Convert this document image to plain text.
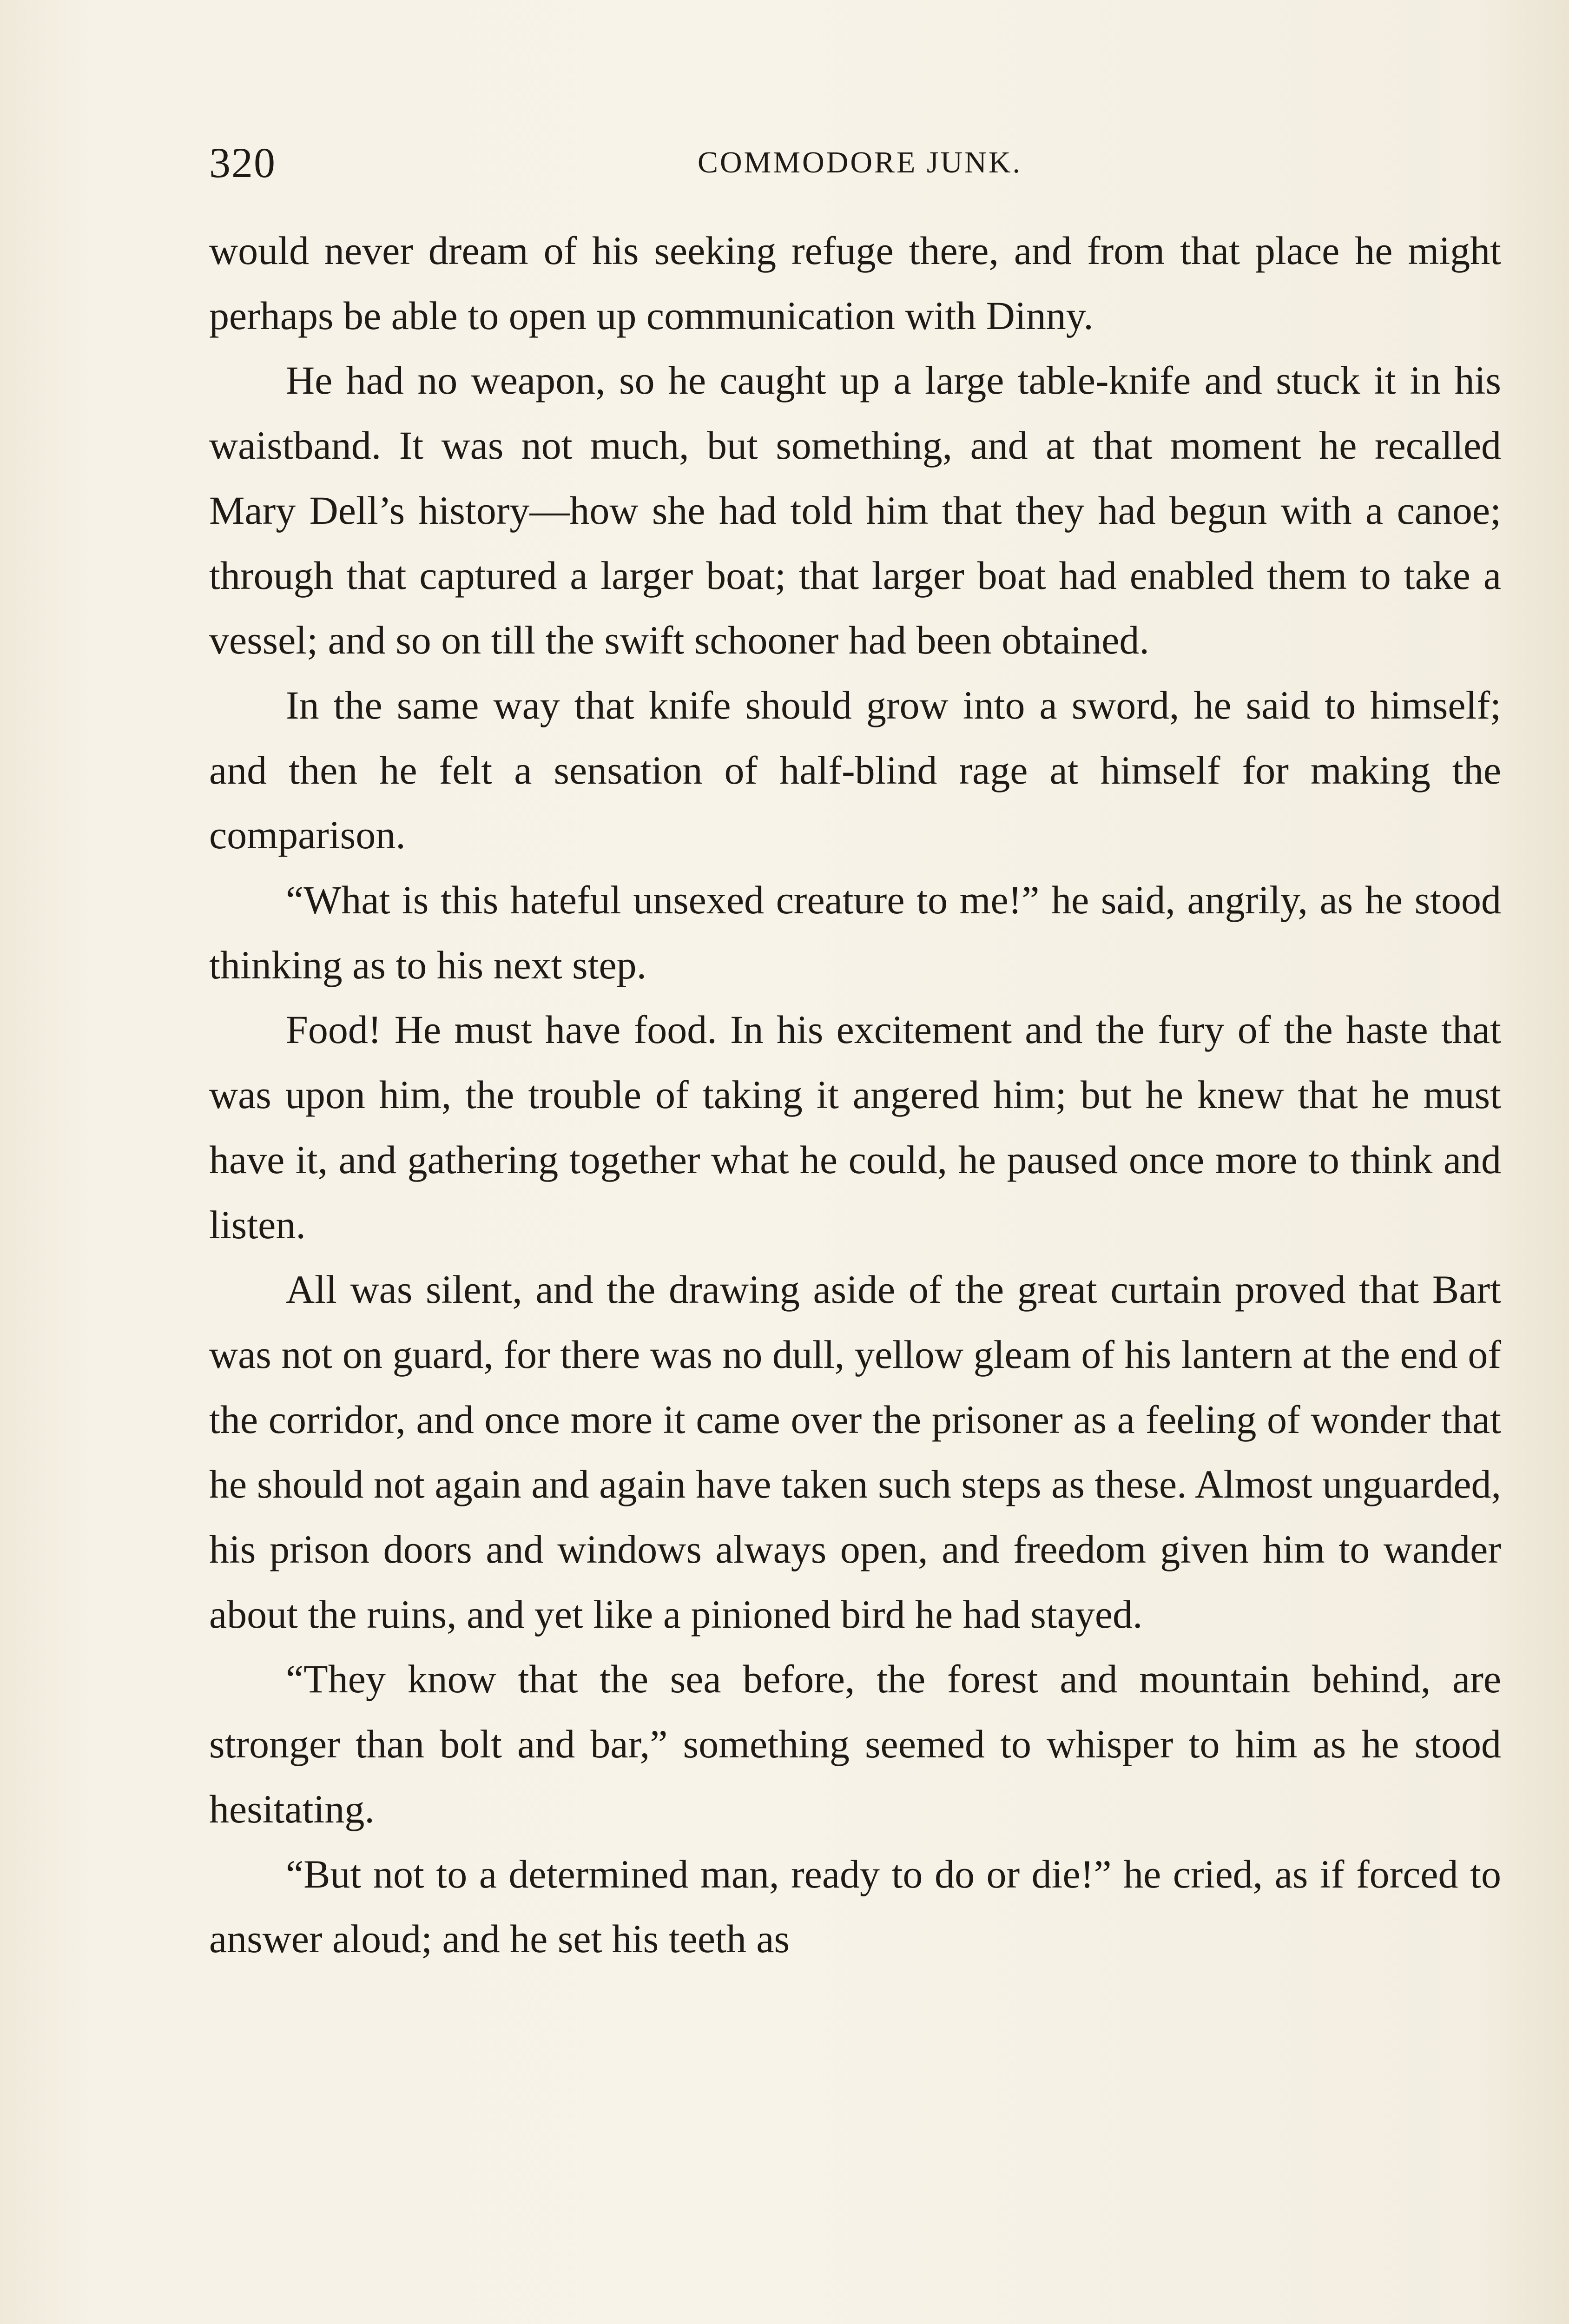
COMMODORE JUNK.
320

would never dream of his seeking refuge there, and from that place he might perhaps be able to open up communication with Dinny.

He had no weapon, so he caught up a large table-knife and stuck it in his waistband. It was not much, but something, and at that moment he recalled Mary Dell’s history—how she had told him that they had begun with a canoe; through that captured a larger boat; that larger boat had enabled them to take a vessel; and so on till the swift schooner had been obtained.

In the same way that knife should grow into a sword, he said to himself; and then he felt a sensation of half-blind rage at himself for making the comparison.

“What is this hateful unsexed creature to me!” he said, angrily, as he stood thinking as to his next step.

Food! He must have food. In his excitement and the fury of the haste that was upon him, the trouble of taking it angered him; but he knew that he must have it, and gathering together what he could, he paused once more to think and listen.

All was silent, and the drawing aside of the great curtain proved that Bart was not on guard, for there was no dull, yellow gleam of his lantern at the end of the corridor, and once more it came over the prisoner as a feeling of wonder that he should not again and again have taken such steps as these. Almost unguarded, his prison doors and windows always open, and freedom given him to wander about the ruins, and yet like a pinioned bird he had stayed.

“They know that the sea before, the forest and mountain behind, are stronger than bolt and bar,” something seemed to whisper to him as he stood hesitating.

“But not to a determined man, ready to do or die!” he cried, as if forced to answer aloud; and he set his teeth as
